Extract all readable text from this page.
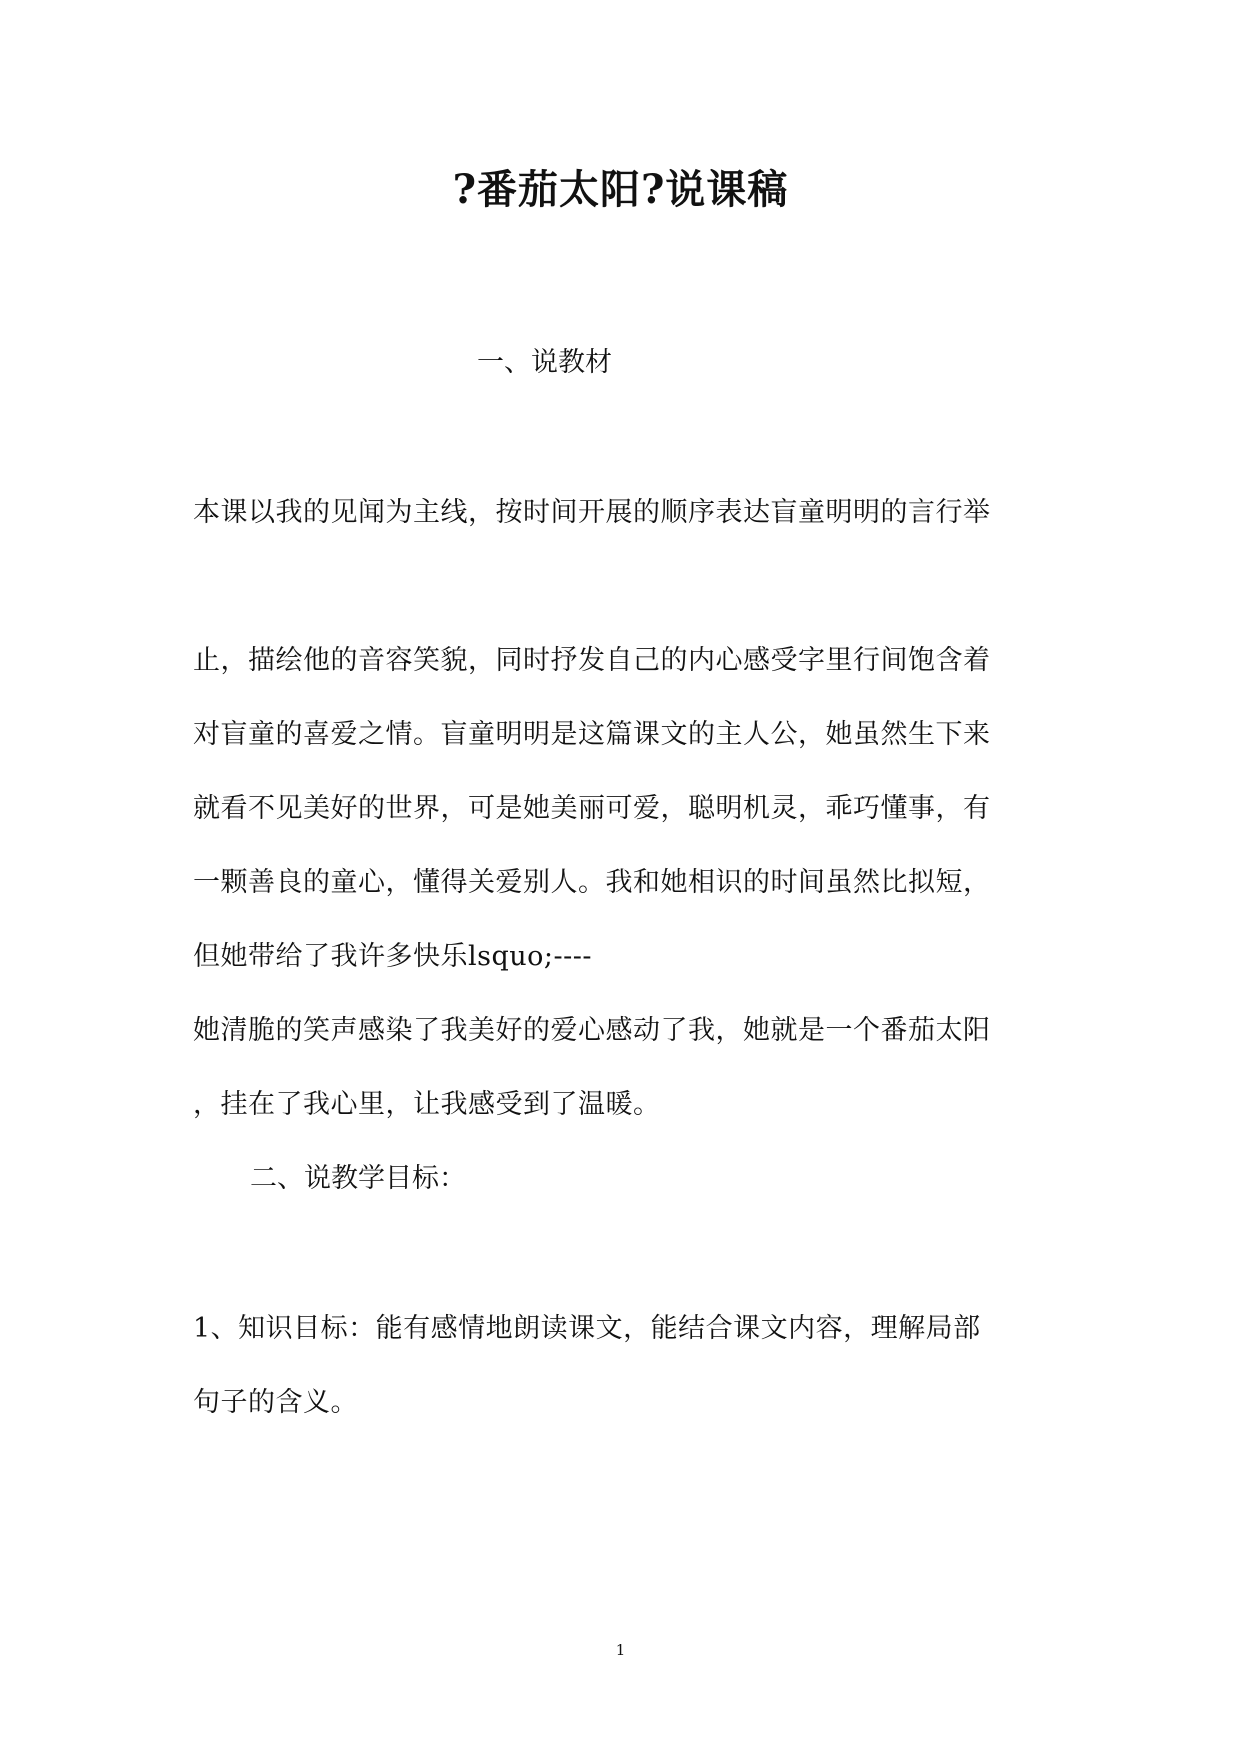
?番茄太阳?说课稿

一、说教材

本课以我的见闻为主线，按时间开展的顺序表达盲童明明的言行举

止，描绘他的音容笑貌，同时抒发自己的内心感受字里行间饱含着

对盲童的喜爱之情。盲童明明是这篇课文的主人公，她虽然生下来

就看不见美好的世界，可是她美丽可爱，聪明机灵，乖巧懂事，有

一颗善良的童心，懂得关爱别人。我和她相识的时间虽然比拟短，

但她带给了我许多快乐lsquo;----

她清脆的笑声感染了我美好的爱心感动了我，她就是一个番茄太阳

，挂在了我心里，让我感受到了温暖。

二、说教学目标：

1、知识目标：能有感情地朗读课文，能结合课文内容，理解局部

句子的含义。

1
